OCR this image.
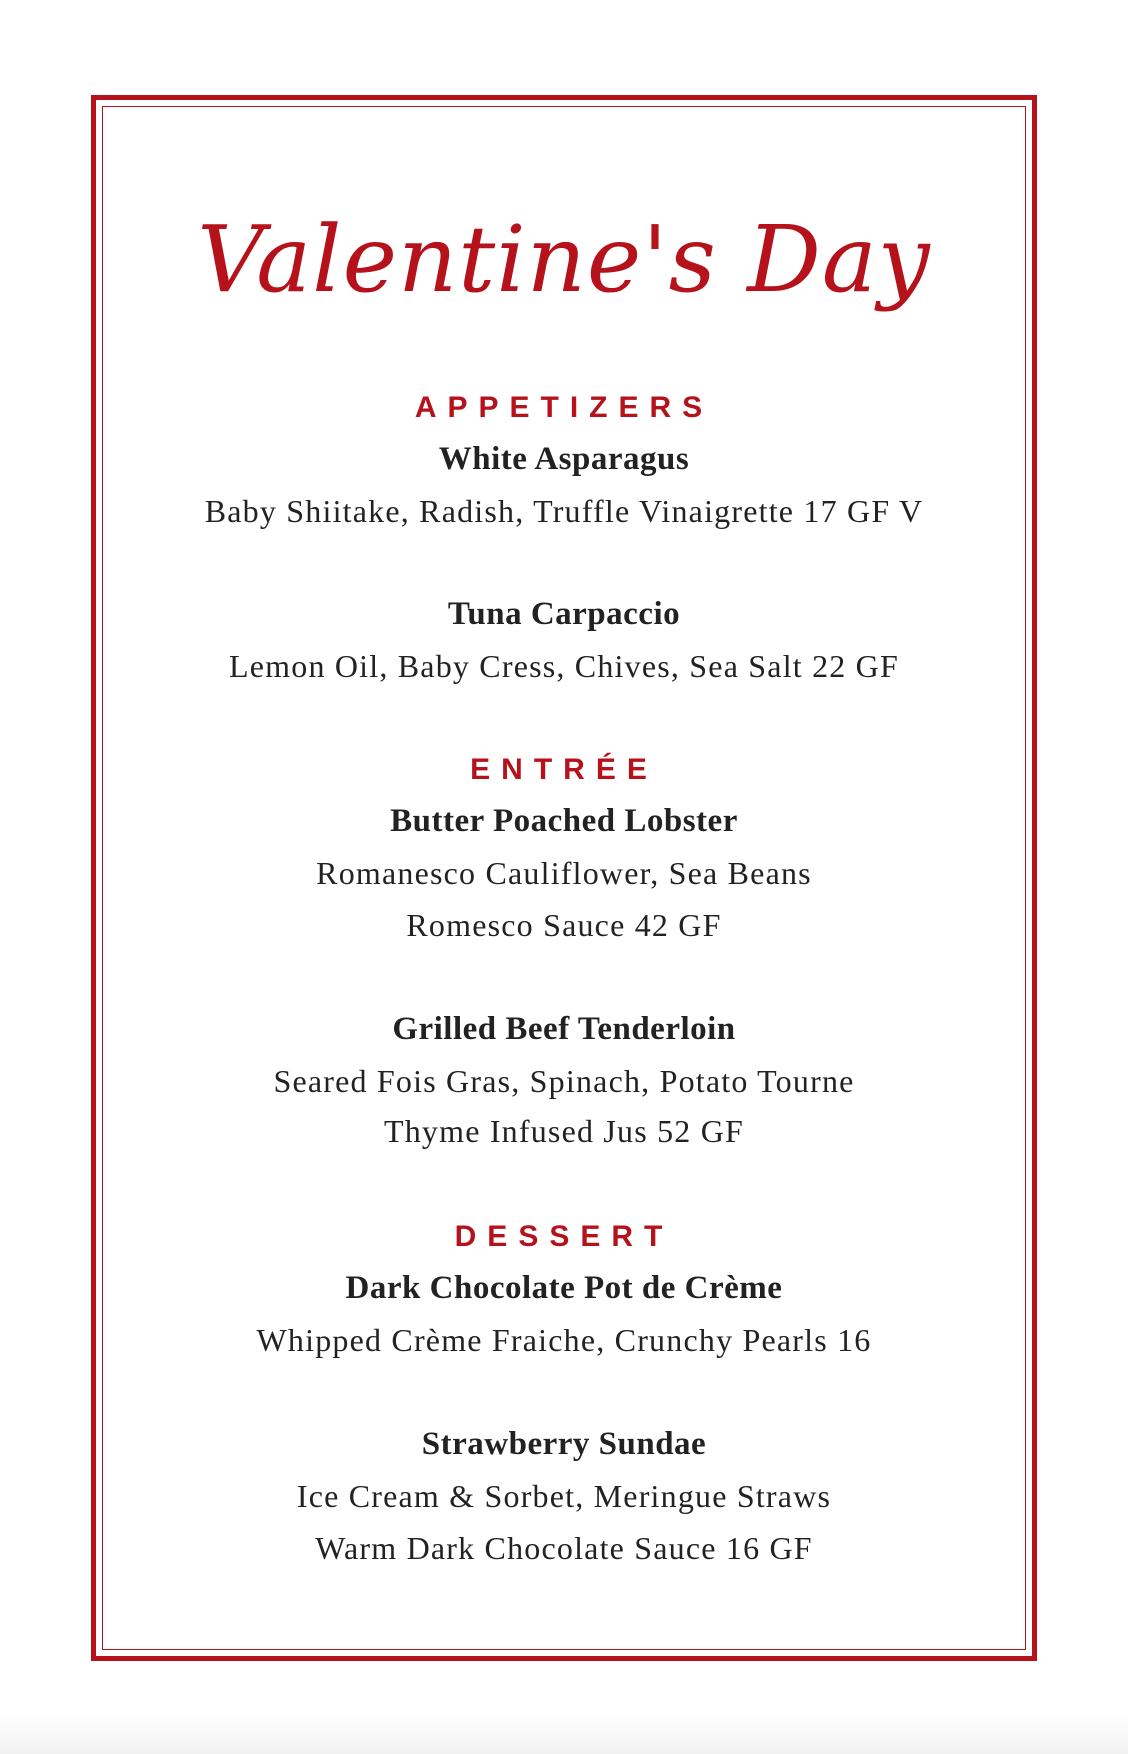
Valentine's Day
APPETIZERS
White Asparagus
Baby Shiitake, Radish, Truffle Vinaigrette 17 GF V
Tuna Carpaccio
Lemon Oil, Baby Cress, Chives, Sea Salt 22 GF
ENTRÉE
Butter Poached Lobster
Romanesco Cauliflower, Sea Beans
Romesco Sauce 42 GF
Grilled Beef Tenderloin
Seared Fois Gras, Spinach, Potato Tourne
Thyme Infused Jus 52 GF
DESSERT
Dark Chocolate Pot de Crème
Whipped Crème Fraiche, Crunchy Pearls 16
Strawberry Sundae
Ice Cream & Sorbet, Meringue Straws
Warm Dark Chocolate Sauce 16 GF
